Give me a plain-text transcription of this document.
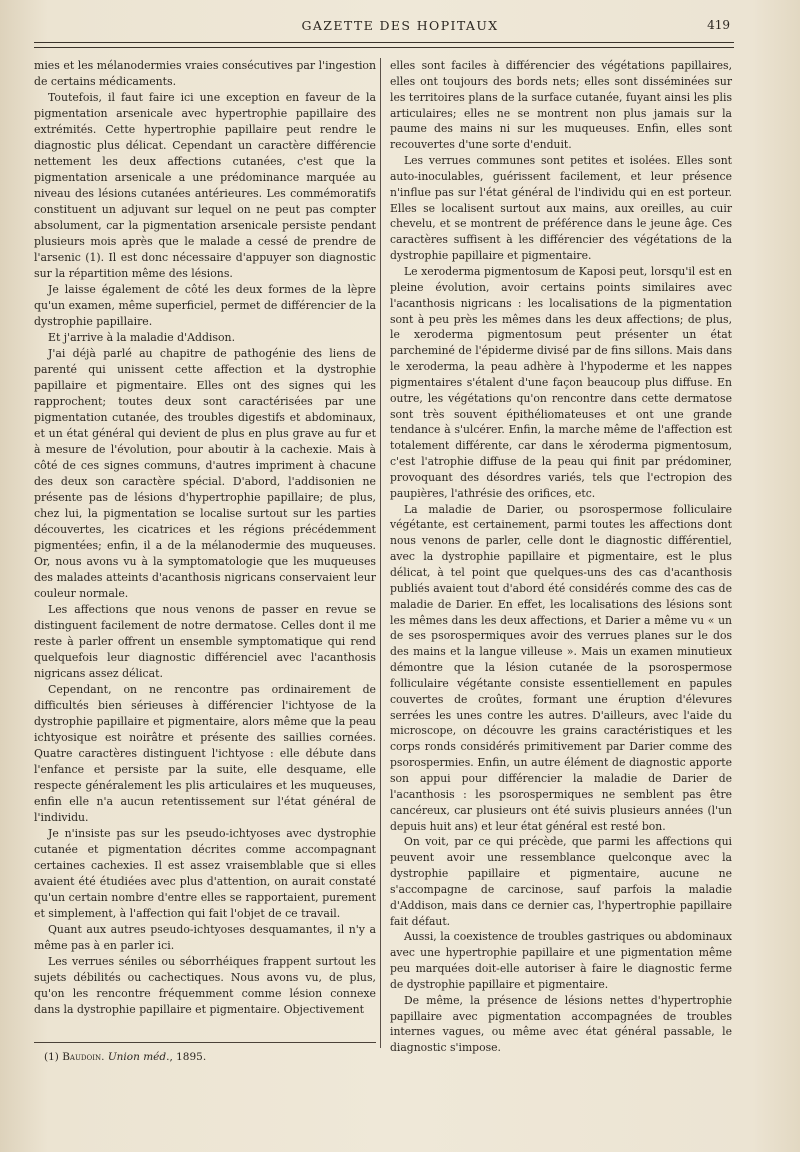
GAZETTE DES HOPITAUX	419

mies et les mélanodermies vraies consécutives par l'ingestion de certains médicaments.

Toutefois, il faut faire ici une exception en faveur de la pigmentation arsenicale avec hypertrophie papillaire des extrémités. Cette hypertrophie papillaire peut rendre le diagnostic plus délicat. Cependant un caractère différencie nettement les deux affections cutanées, c'est que la pigmentation arsenicale a une prédominance marquée au niveau des lésions cutanées antérieures. Les commémoratifs constituent un adjuvant sur lequel on ne peut pas compter absolument, car la pigmentation arsenicale persiste pendant plusieurs mois après que le malade a cessé de prendre de l'arsenic (1). Il est donc nécessaire d'appuyer son diagnostic sur la répartition même des lésions.

Je laisse également de côté les deux formes de la lèpre qu'un examen, même superficiel, permet de différencier de la dystrophie papillaire.

Et j'arrive à la maladie d'Addison.

J'ai déjà parlé au chapitre de pathogénie des liens de parenté qui unissent cette affection et la dystrophie papillaire et pigmentaire. Elles ont des signes qui les rapprochent; toutes deux sont caractérisées par une pigmentation cutanée, des troubles digestifs et abdominaux, et un état général qui devient de plus en plus grave au fur et à mesure de l'évolution, pour aboutir à la cachexie. Mais à côté de ces signes communs, d'autres impriment à chacune des deux son caractère spécial. D'abord, l'addisonien ne présente pas de lésions d'hypertrophie papillaire; de plus, chez lui, la pigmentation se localise surtout sur les parties découvertes, les cicatrices et les régions précédemment pigmentées; enfin, il a de la mélanodermie des muqueuses. Or, nous avons vu à la symptomatologie que les muqueuses des malades atteints d'acanthosis nigricans conservaient leur couleur normale.

Les affections que nous venons de passer en revue se distinguent facilement de notre dermatose. Celles dont il me reste à parler offrent un ensemble symptomatique qui rend quelquefois leur diagnostic différenciel avec l'acanthosis nigricans assez délicat.

Cependant, on ne rencontre pas ordinairement de difficultés bien sérieuses à différencier l'ichtyose de la dystrophie papillaire et pigmentaire, alors même que la peau ichtyosique est noirâtre et présente des saillies cornées. Quatre caractères distinguent l'ichtyose : elle débute dans l'enfance et persiste par la suite, elle desquame, elle respecte généralement les plis articulaires et les muqueuses, enfin elle n'a aucun retentissement sur l'état général de l'individu.

Je n'insiste pas sur les pseudo-ichtyoses avec dystrophie cutanée et pigmentation décrites comme accompagnant certaines cachexies. Il est assez vraisemblable que si elles avaient été étudiées avec plus d'attention, on aurait constaté qu'un certain nombre d'entre elles se rapportaient, purement et simplement, à l'affection qui fait l'objet de ce travail.

Quant aux autres pseudo-ichtyoses desquamantes, il n'y a même pas à en parler ici.

Les verrues séniles ou séborrhéiques frappent surtout les sujets débilités ou cachectiques. Nous avons vu, de plus, qu'on les rencontre fréquemment comme lésion connexe dans la dystrophie papillaire et pigmentaire. Objectivement

elles sont faciles à différencier des végétations papillaires, elles ont toujours des bords nets; elles sont disséminées sur les territoires plans de la surface cutanée, fuyant ainsi les plis articulaires; elles ne se montrent non plus jamais sur la paume des mains ni sur les muqueuses. Enfin, elles sont recouvertes d'une sorte d'enduit.

Les verrues communes sont petites et isolées. Elles sont auto-inoculables, guérissent facilement, et leur présence n'influe pas sur l'état général de l'individu qui en est porteur. Elles se localisent surtout aux mains, aux oreilles, au cuir chevelu, et se montrent de préférence dans le jeune âge. Ces caractères suffisent à les différencier des végétations de la dystrophie papillaire et pigmentaire.

Le xeroderma pigmentosum de Kaposi peut, lorsqu'il est en pleine évolution, avoir certains points similaires avec l'acanthosis nigricans : les localisations de la pigmentation sont à peu près les mêmes dans les deux affections; de plus, le xeroderma pigmentosum peut présenter un état parcheminé de l'épiderme divisé par de fins sillons. Mais dans le xeroderma, la peau adhère à l'hypoderme et les nappes pigmentaires s'étalent d'une façon beaucoup plus diffuse. En outre, les végétations qu'on rencontre dans cette dermatose sont très souvent épithéliomateuses et ont une grande tendance à s'ulcérer. Enfin, la marche même de l'affection est totalement différente, car dans le xéroderma pigmentosum, c'est l'atrophie diffuse de la peau qui finit par prédominer, provoquant des désordres variés, tels que l'ectropion des paupières, l'athrésie des orifices, etc.

La maladie de Darier, ou psorospermose folliculaire végétante, est certainement, parmi toutes les affections dont nous venons de parler, celle dont le diagnostic différentiel, avec la dystrophie papillaire et pigmentaire, est le plus délicat, à tel point que quelques-uns des cas d'acanthosis publiés avaient tout d'abord été considérés comme des cas de maladie de Darier. En effet, les localisations des lésions sont les mêmes dans les deux affections, et Darier a même vu « un de ses psorospermiques avoir des verrues planes sur le dos des mains et la langue villeuse ». Mais un examen minutieux démontre que la lésion cutanée de la psorospermose folliculaire végétante consiste essentiellement en papules couvertes de croûtes, formant une éruption d'élevures serrées les unes contre les autres. D'ailleurs, avec l'aide du microscope, on découvre les grains caractéristiques et les corps ronds considérés primitivement par Darier comme des psorospermies. Enfin, un autre élément de diagnostic apporte son appui pour différencier la maladie de Darier de l'acanthosis : les psorospermiques ne semblent pas être cancéreux, car plusieurs ont été suivis plusieurs années (l'un depuis huit ans) et leur état général est resté bon.

On voit, par ce qui précède, que parmi les affections qui peuvent avoir une ressemblance quelconque avec la dystrophie papillaire et pigmentaire, aucune ne s'accompagne de carcinose, sauf parfois la maladie d'Addison, mais dans ce dernier cas, l'hypertrophie papillaire fait défaut.

Aussi, la coexistence de troubles gastriques ou abdominaux avec une hypertrophie papillaire et une pigmentation même peu marquées doit-elle autoriser à faire le diagnostic ferme de dystrophie papillaire et pigmentaire.

De même, la présence de lésions nettes d'hypertrophie papillaire avec pigmentation accompagnées de troubles internes vagues, ou même avec état général passable, le diagnostic s'impose.

(1) Baudoin. Union méd., 1895.
